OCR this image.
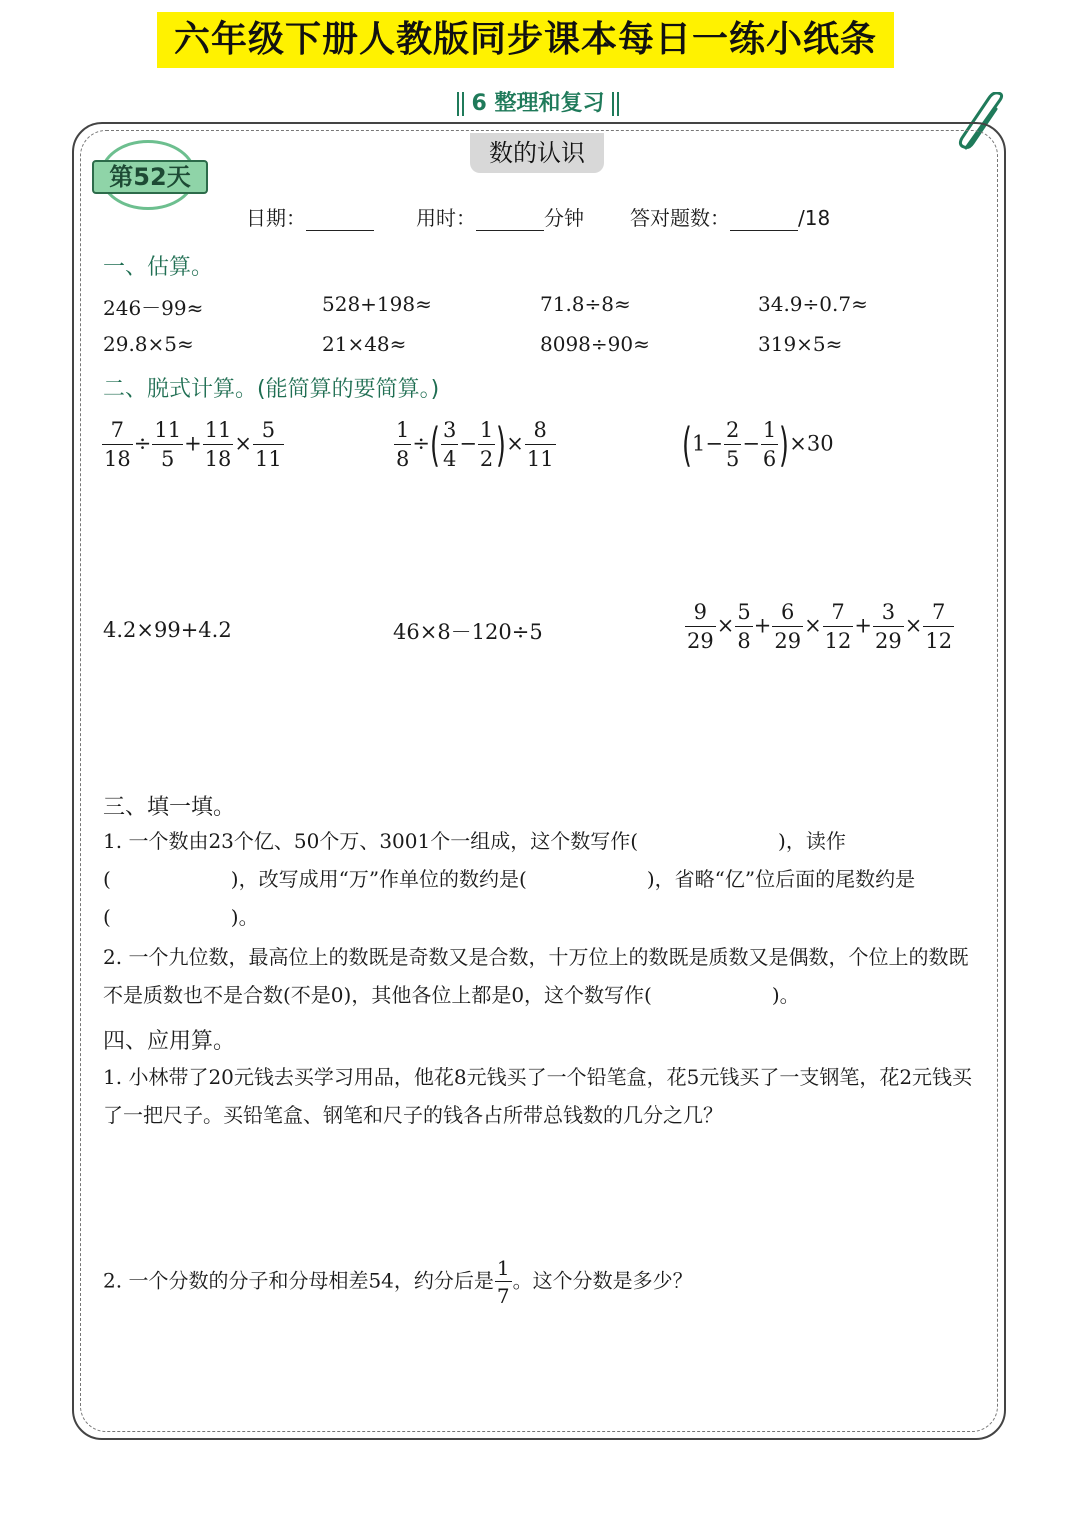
六年级下册人教版同步课本每日一练小纸条
6 整理和复习
数的认识
第52天
日期：	用时：	分钟 答对题数：	/18
一、估算。
246－99≈	528+198≈	71.8÷8≈	34.9÷0.7≈
29.8×5≈	21×48≈	8098÷90≈	319×5≈
二、脱式计算。(能简算的要简算。)
$\frac{7}{18} \div \frac{11}{5} + \frac{11}{18} \times \frac{5}{11}$	$\frac{1}{8}$ ÷( $\frac{3}{4} - \frac{1}{2}$ )× $\frac{8}{11}$	$(1- \frac{2}{5} - \frac{1}{6} )\times 30$
4.2×99+4.2	46×8－120÷5	$\frac{9}{29} \times \frac{5}{8} + \frac{6}{29} \times \frac{7}{12} + \frac{3}{29} \times \frac{7}{12}$
三、填一填。
1. 一个数由23个亿、50个万、3001个一组成，这个数写作(　　　　　　　)，读作(　　　　　　)，改写成用“万”作单位的数约是(　　　　　　)，省略“亿”位后面的尾数约是(　　　　　　)。
2. 一个九位数，最高位上的数既是奇数又是合数，十万位上的数既是质数又是偶数，个位上的数既不是质数也不是合数(不是0)，其他各位上都是0，这个数写作(　　　　　　)。
四、应用算。
1. 小林带了20元钱去买学习用品，他花8元钱买了一个铅笔盒，花5元钱买了一支钢笔，花2元钱买了一把尺子。买铅笔盒、钢笔和尺子的钱各占所带总钱数的几分之几？
2. 一个分数的分子和分母相差54，约分后是 $\frac{1}{7}$ 。这个分数是多少？
